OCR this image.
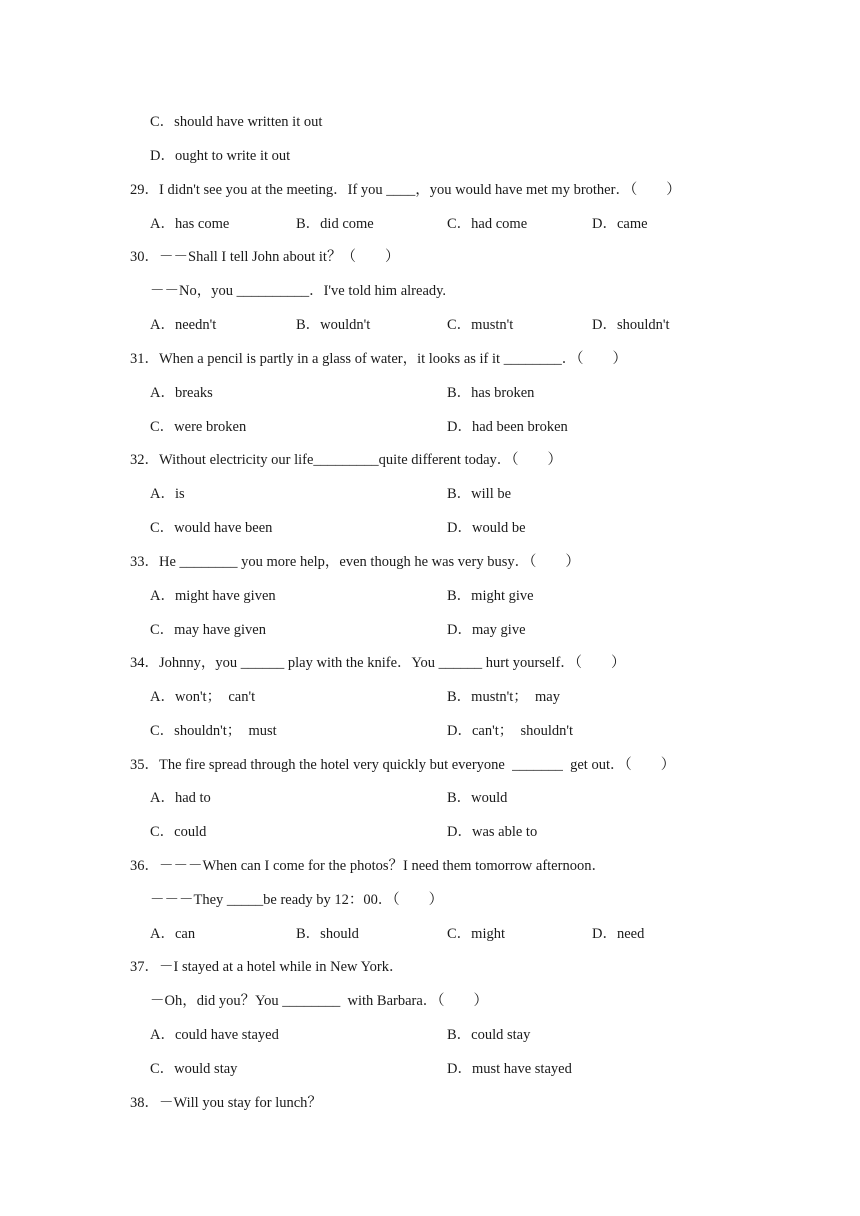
C．should have written it out
D．ought to write it out
29．I didn't see you at the meeting．If you ____，you would have met my brother．（　　）
A．has come	B．did come	C．had come	D．came
30．－－Shall I tell John about it？（　　）
－－No，you __________．I've told him already.
A．needn't	B．wouldn't	C．mustn't	D．shouldn't
31．When a pencil is partly in a glass of water，it looks as if it ________．（　　）
A．breaks	B．has broken
C．were broken	D．had been broken
32．Without electricity our life_________quite different today．（　　）
A．is	B．will be
C．would have been	D．would be
33．He ________ you more help，even though he was very busy．（　　）
A．might have given	B．might give
C．may have given	D．may give
34．Johnny，you ______ play with the knife．You ______ hurt yourself．（　　）
A．won't；  can't	B．mustn't；  may
C．shouldn't；  must	D．can't；  shouldn't
35．The fire spread through the hotel very quickly but everyone  _______  get out．（　　）
A．had to	B．would
C．could	D．was able to
36．－－－When can I come for the photos？I need them tomorrow afternoon．
－－－They _____be ready by 12：00．（　　）
A．can	B．should	C．might	D．need
37．－I stayed at a hotel while in New York．
－Oh，did you？You ________  with Barbara．（　　）
A．could have stayed	B．could stay
C．would stay	D．must have stayed
38．－Will you stay for lunch？
